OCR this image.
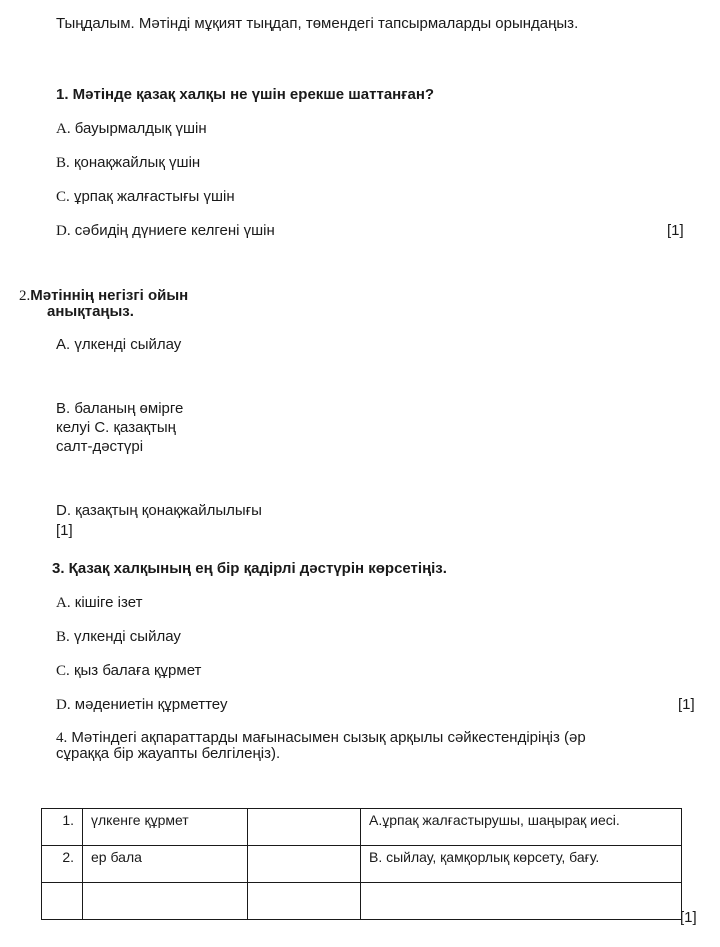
Тыңдалым. Мәтінді мұқият тыңдап, төмендегі тапсырмаларды орындаңыз.
1. Мәтінде қазақ халқы не үшін ерекше шаттанған?
A. бауырмалдық үшін
B. қонақжайлық үшін
C. ұрпақ жалғастығы үшін
D. сәбидің дүниеге келгені үшін	[1]
2.Мәтіннің негізгі ойын
анықтаңыз.
A. үлкенді сыйлау
B. баланың өмірге
келуі C. қазақтың
салт-дәстүрі
D. қазақтың қонақжайлылығы
[1]
3. Қазақ халқының ең бір қадірлі дәстүрін көрсетіңіз.
A. кішіге ізет
B. үлкенді сыйлау
C. қыз балаға құрмет
D. мәдениетін құрметтеу	[1]
4. Мәтіндегі ақпараттарды мағынасымен сызық арқылы сәйкестендіріңіз (әр
сұраққа бір жауапты белгілеңіз).
1.	үлкенге құрмет		A.ұрпақ жалғастырушы, шаңырақ иесі.
2.	ер бала		B. сыйлау, қамқорлық көрсету, бағу.

[1]
